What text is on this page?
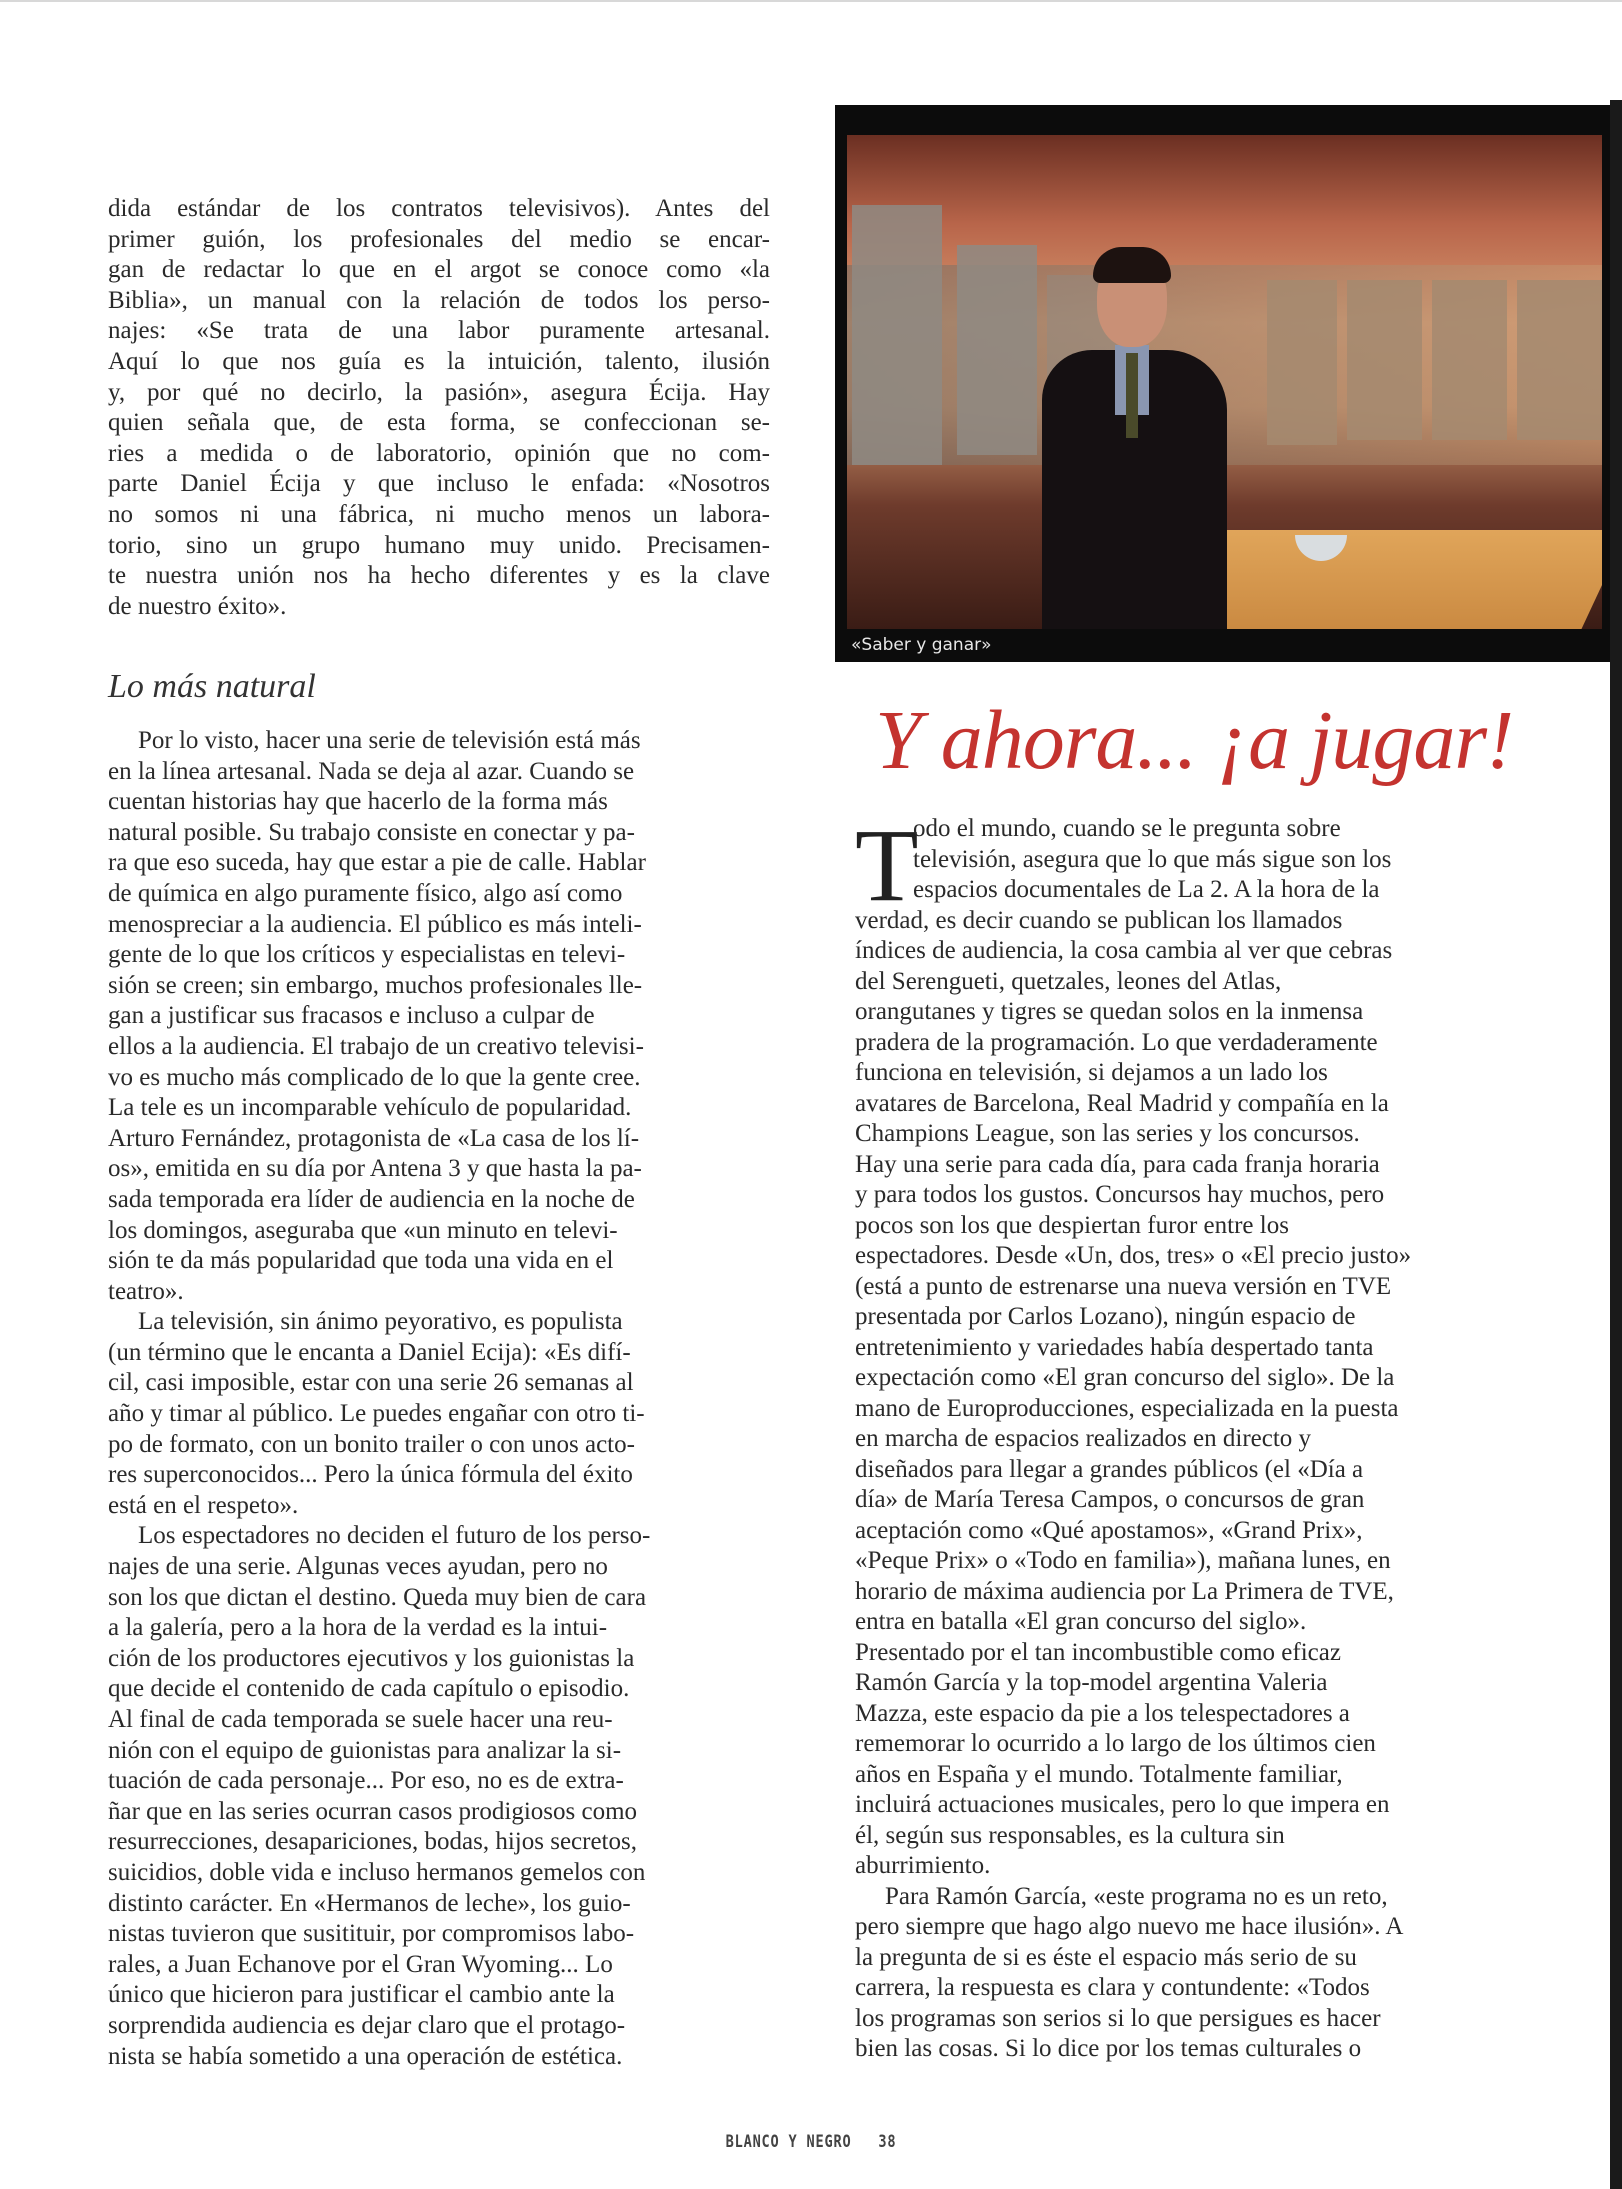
dida estándar de los contratos televisivos). Antes del
primer guión, los profesionales del medio se encar-
gan de redactar lo que en el argot se conoce como «la
Biblia», un manual con la relación de todos los perso-
najes: «Se trata de una labor puramente artesanal.
Aquí lo que nos guía es la intuición, talento, ilusión
y, por qué no decirlo, la pasión», asegura Écija. Hay
quien señala que, de esta forma, se confeccionan se-
ries a medida o de laboratorio, opinión que no com-
parte Daniel Écija y que incluso le enfada: «Nosotros
no somos ni una fábrica, ni mucho menos un labora-
torio, sino un grupo humano muy unido. Precisamen-
te nuestra unión nos ha hecho diferentes y es la clave
de nuestro éxito».
Lo más natural
Por lo visto, hacer una serie de televisión está más
en la línea artesanal. Nada se deja al azar. Cuando se
cuentan historias hay que hacerlo de la forma más
natural posible. Su trabajo consiste en conectar y pa-
ra que eso suceda, hay que estar a pie de calle. Hablar
de química en algo puramente físico, algo así como
menospreciar a la audiencia. El público es más inteli-
gente de lo que los críticos y especialistas en televi-
sión se creen; sin embargo, muchos profesionales lle-
gan a justificar sus fracasos e incluso a culpar de
ellos a la audiencia. El trabajo de un creativo televisi-
vo es mucho más complicado de lo que la gente cree.
La tele es un incomparable vehículo de popularidad.
Arturo Fernández, protagonista de «La casa de los lí-
os», emitida en su día por Antena 3 y que hasta la pa-
sada temporada era líder de audiencia en la noche de
los domingos, aseguraba que «un minuto en televi-
sión te da más popularidad que toda una vida en el
teatro».
La televisión, sin ánimo peyorativo, es populista
(un término que le encanta a Daniel Ecija): «Es difí-
cil, casi imposible, estar con una serie 26 semanas al
año y timar al público. Le puedes engañar con otro ti-
po de formato, con un bonito trailer o con unos acto-
res superconocidos... Pero la única fórmula del éxito
está en el respeto».
Los espectadores no deciden el futuro de los perso-
najes de una serie. Algunas veces ayudan, pero no
son los que dictan el destino. Queda muy bien de cara
a la galería, pero a la hora de la verdad es la intui-
ción de los productores ejecutivos y los guionistas la
que decide el contenido de cada capítulo o episodio.
Al final de cada temporada se suele hacer una reu-
nión con el equipo de guionistas para analizar la si-
tuación de cada personaje... Por eso, no es de extra-
ñar que en las series ocurran casos prodigiosos como
resurrecciones, desapariciones, bodas, hijos secretos,
suicidios, doble vida e incluso hermanos gemelos con
distinto carácter. En «Hermanos de leche», los guio-
nistas tuvieron que susitituir, por compromisos labo-
rales, a Juan Echanove por el Gran Wyoming... Lo
único que hicieron para justificar el cambio ante la
sorprendida audiencia es dejar claro que el protago-
nista se había sometido a una operación de estética.
«Saber y ganar»
Y ahora... ¡a jugar!
T
odo el mundo, cuando se le pregunta sobre
televisión, asegura que lo que más sigue son los
espacios documentales de La 2. A la hora de la
verdad, es decir cuando se publican los llamados
índices de audiencia, la cosa cambia al ver que cebras
del Serengueti, quetzales, leones del Atlas,
orangutanes y tigres se quedan solos en la inmensa
pradera de la programación. Lo que verdaderamente
funciona en televisión, si dejamos a un lado los
avatares de Barcelona, Real Madrid y compañía en la
Champions League, son las series y los concursos.
Hay una serie para cada día, para cada franja horaria
y para todos los gustos. Concursos hay muchos, pero
pocos son los que despiertan furor entre los
espectadores. Desde «Un, dos, tres» o «El precio justo»
(está a punto de estrenarse una nueva versión en TVE
presentada por Carlos Lozano), ningún espacio de
entretenimiento y variedades había despertado tanta
expectación como «El gran concurso del siglo». De la
mano de Europroducciones, especializada en la puesta
en marcha de espacios realizados en directo y
diseñados para llegar a grandes públicos (el «Día a
día» de María Teresa Campos, o concursos de gran
aceptación como «Qué apostamos», «Grand Prix»,
«Peque Prix» o «Todo en familia»), mañana lunes, en
horario de máxima audiencia por La Primera de TVE,
entra en batalla «El gran concurso del siglo».
Presentado por el tan incombustible como eficaz
Ramón García y la top-model argentina Valeria
Mazza, este espacio da pie a los telespectadores a
rememorar lo ocurrido a lo largo de los últimos cien
años en España y el mundo. Totalmente familiar,
incluirá actuaciones musicales, pero lo que impera en
él, según sus responsables, es la cultura sin
aburrimiento.
Para Ramón García, «este programa no es un reto,
pero siempre que hago algo nuevo me hace ilusión». A
la pregunta de si es éste el espacio más serio de su
carrera, la respuesta es clara y contundente: «Todos
los programas son serios si lo que persigues es hacer
bien las cosas. Si lo dice por los temas culturales o
BLANCO Y NEGRO 38
